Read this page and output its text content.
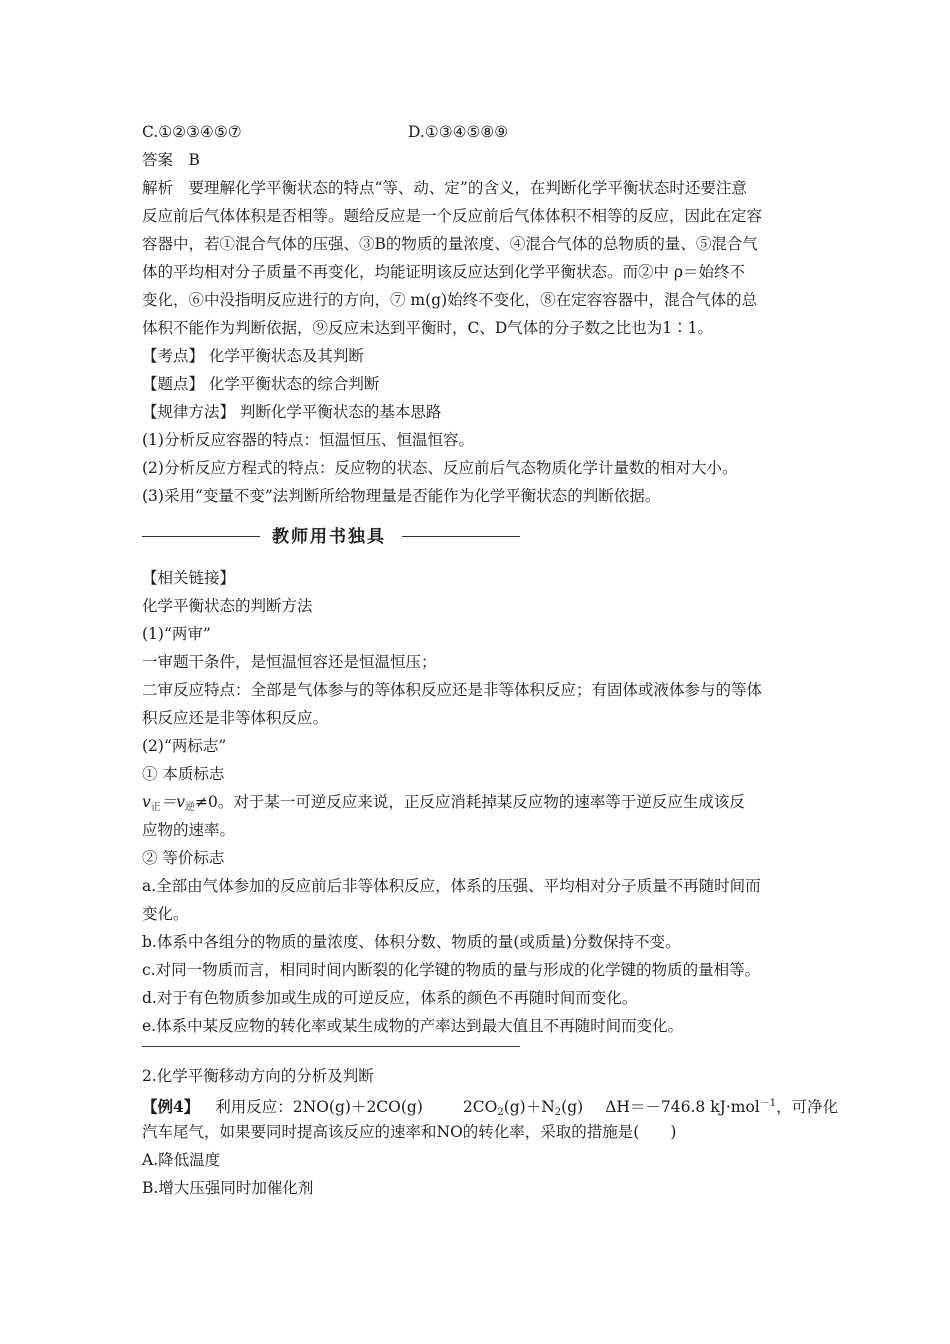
C.①②③④⑤⑦	D.①③④⑤⑧⑨
答案　B
解析　要理解化学平衡状态的特点“等、动、定”的含义，在判断化学平衡状态时还要注意
反应前后气体体积是否相等。题给反应是一个反应前后气体体积不相等的反应，因此在定容
容器中，若①混合气体的压强、③B的物质的量浓度、④混合气体的总物质的量、⑤混合气
体的平均相对分子质量不再变化，均能证明该反应达到化学平衡状态。而②中 ρ＝始终不
变化，⑥中没指明反应进行的方向，⑦ m(g)始终不变化，⑧在定容容器中，混合气体的总
体积不能作为判断依据，⑨反应未达到平衡时，C、D气体的分子数之比也为1∶1。
【考点】 化学平衡状态及其判断
【题点】 化学平衡状态的综合判断
【规律方法】 判断化学平衡状态的基本思路
(1)分析反应容器的特点：恒温恒压、恒温恒容。
(2)分析反应方程式的特点：反应物的状态、反应前后气态物质化学计量数的相对大小。
(3)采用“变量不变”法判断所给物理量是否能作为化学平衡状态的判断依据。
教师用书独具
【相关链接】
化学平衡状态的判断方法
(1)“两审”
一审题干条件，是恒温恒容还是恒温恒压；
二审反应特点：全部是气体参与的等体积反应还是非等体积反应；有固体或液体参与的等体
积反应还是非等体积反应。
(2)“两标志”
① 本质标志
$v_正=v_逆\ne 0$。对于某一可逆反应来说，正反应消耗掉某反应物的速率等于逆反应生成该反
应物的速率。
② 等价标志
a.全部由气体参加的反应前后非等体积反应，体系的压强、平均相对分子质量不再随时间而
变化。
b.体系中各组分的物质的量浓度、体积分数、物质的量(或质量)分数保持不变。
c.对同一物质而言，相同时间内断裂的化学键的物质的量与形成的化学键的物质的量相等。
d.对于有色物质参加或生成的可逆反应，体系的颜色不再随时间而变化。
e.体系中某反应物的转化率或某生成物的产率达到最大值且不再随时间而变化。
2.化学平衡移动方向的分析及判断
【例4】 利用反应：2NO(g)＋2CO(g)	$2CO_2(g)+N_2(g)$ ΔH＝－746.8 kJ·mol$^{-1}$，可净化
汽车尾气，如果要同时提高该反应的速率和NO的转化率，采取的措施是(　　)
A.降低温度
B.增大压强同时加催化剂
